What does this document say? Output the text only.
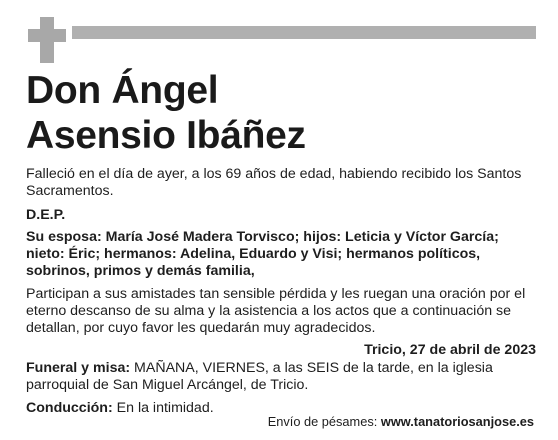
Don Ángel
Asensio Ibáñez

Falleció en el día de ayer, a los 69 años de edad, habiendo recibido los Santos Sacramentos.

D.E.P.

Su esposa: María José Madera Torvisco; hijos: Leticia y Víctor García; nieto: Éric; hermanos: Adelina, Eduardo y Visi; hermanos políticos, sobrinos, primos y demás familia,

Participan a sus amistades tan sensible pérdida y les ruegan una oración por el eterno descanso de su alma y la asistencia a los actos que a continuación se detallan, por cuyo favor les quedarán muy agradecidos.

Tricio, 27 de abril de 2023

Funeral y misa: MAÑANA, VIERNES, a las SEIS de la tarde, en la iglesia parroquial de San Miguel Arcángel, de Tricio.

Conducción: En la intimidad.

Envío de pésames: www.tanatoriosanjose.es
